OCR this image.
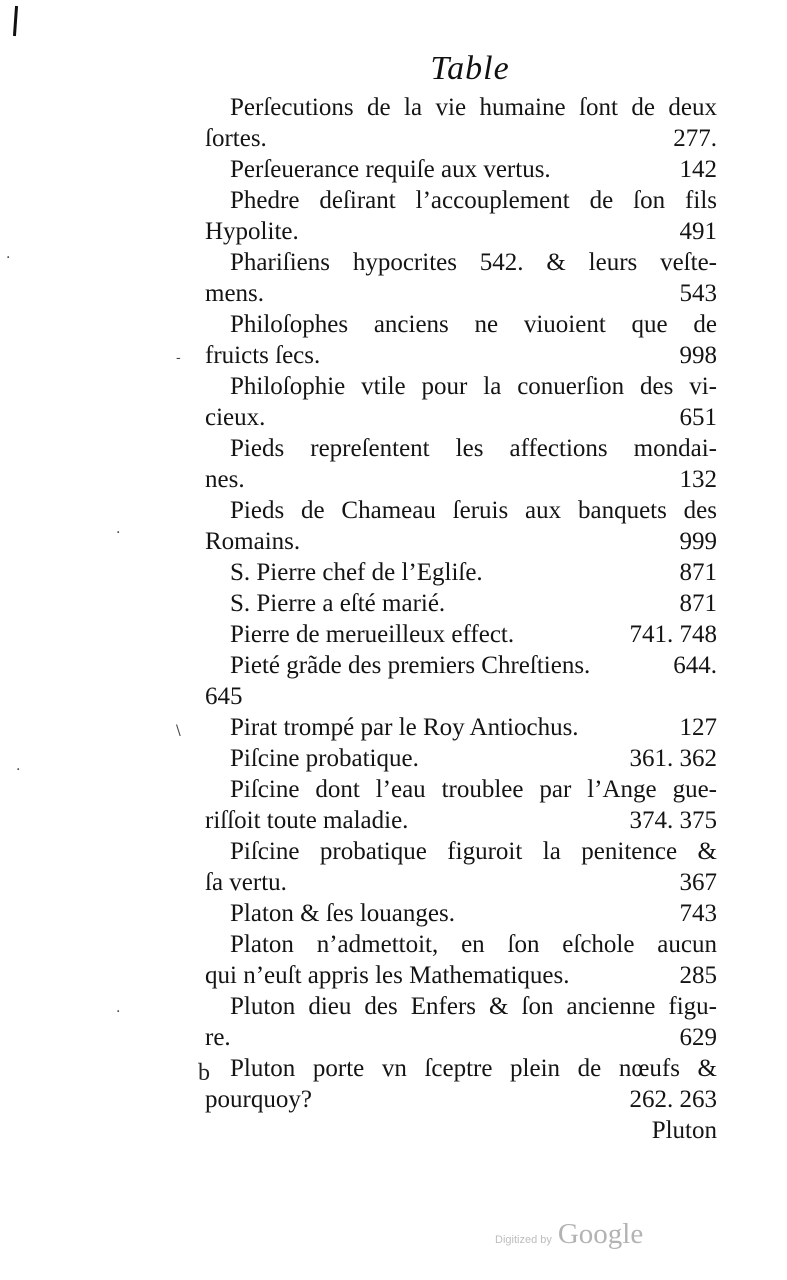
Table
Perſecutions de la vie humaine ſont de deux
ſortes.	277.
Perſeuerance requiſe aux vertus.	142
Phedre deſirant l’accouplement de ſon fils
Hypolite.	491
Phariſiens hypocrites 542. & leurs veſte-
mens.	543
Philoſophes anciens ne viuoient que de
fruicts ſecs.	998
Philoſophie vtile pour la conuerſion des vi-
cieux.	651
Pieds repreſentent les affections mondai-
nes.	132
Pieds de Chameau ſeruis aux banquets des
Romains.	999
S. Pierre chef de l’Egliſe.	871
S. Pierre a eſté marié.	871
Pierre de merueilleux effect.	741. 748
Pieté grãde des premiers Chreſtiens.	644.
645
Pirat trompé par le Roy Antiochus.	127
Piſcine probatique.	361. 362
Piſcine dont l’eau troublee par l’Ange gue-
riſſoit toute maladie.	374. 375
Piſcine probatique figuroit la penitence &
ſa vertu.	367
Platon & ſes louanges.	743
Platon n’admettoit, en ſon eſchole aucun
qui n’euſt appris les Mathematiques.	285
Pluton dieu des Enfers & ſon ancienne figu-
re.	629
Pluton porte vn ſceptre plein de nœufs &
pourquoy?	262. 263
b
Pluton
·
-
·
\
·
·
Digitized by Google
